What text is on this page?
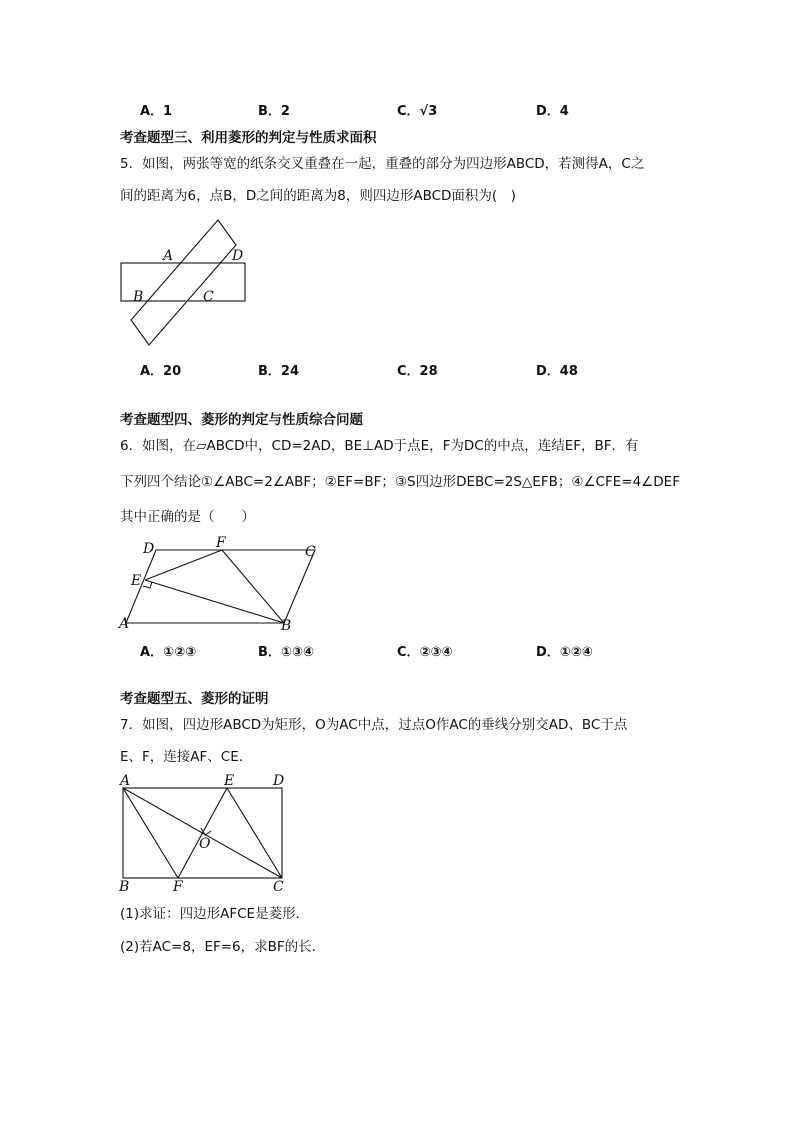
A．1	B．2	C．√3	D．4
考查题型三、利用菱形的判定与性质求面积
5．如图，两张等宽的纸条交叉重叠在一起，重叠的部分为四边形ABCD，若测得A，C之
间的距离为6，点B，D之间的距离为8，则四边形ABCD面积为(　)
A	D
B	C
A．20	B．24	C．28	D．48
考查题型四、菱形的判定与性质综合问题
6．如图，在▱ABCD中，CD=2AD，BE⊥AD于点E，F为DC的中点，连结EF，BF．有
下列四个结论①∠ABC=2∠ABF；②EF=BF；③S四边形DEBC=2S△EFB；④∠CFE=4∠DEF
其中正确的是（　　）
D	F
C
E
A	B
A．①②③	B．①③④	C．②③④	D．①②④
考查题型五、菱形的证明
7．如图，四边形ABCD为矩形，O为AC中点，过点O作AC的垂线分别交AD、BC于点
E、F，连接AF、CE．
A	E	D
O
B	F	C
(1)求证：四边形AFCE是菱形．
(2)若AC=8，EF=6，求BF的长．
